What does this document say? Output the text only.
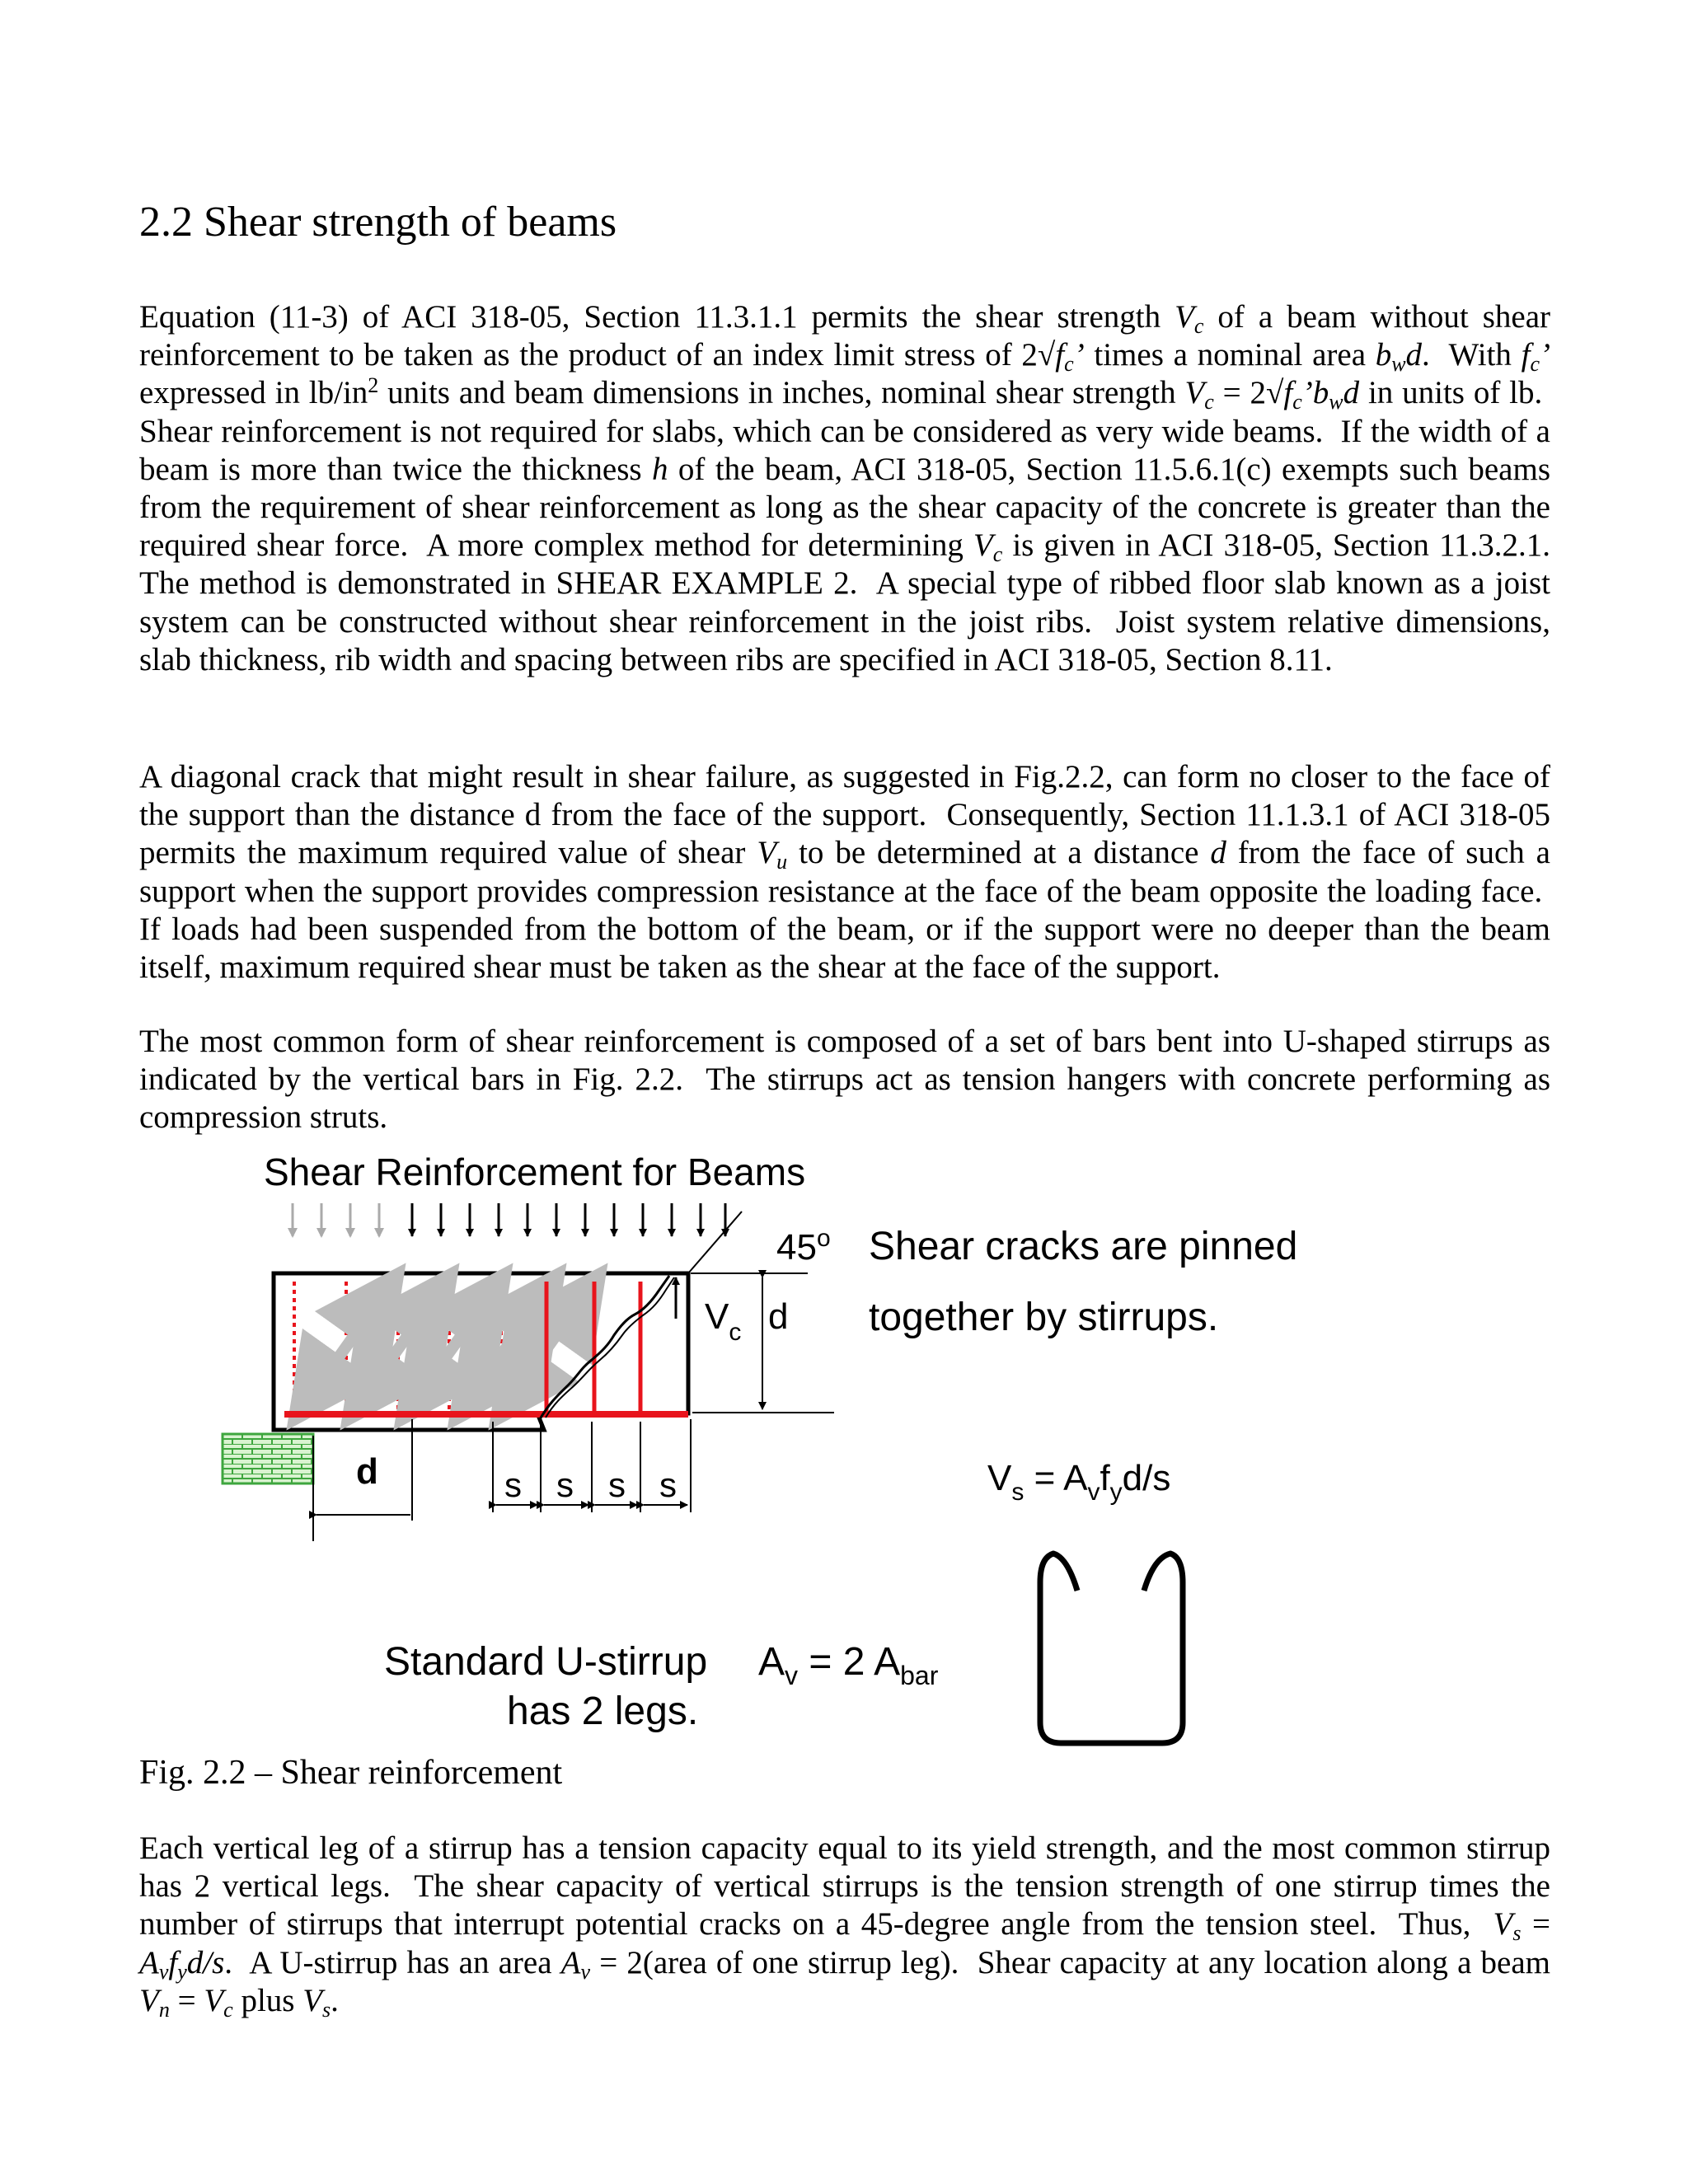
2.2 Shear strength of beams

Equation (11-3) of ACI 318-05, Section 11.3.1.1 permits the shear strength $V_c$ of a beam without shear reinforcement to be taken as the product of an index limit stress of $2√f_c$’ times a nominal area $b_wd$.  With $f_c$’ expressed in $lb/in^2$ units and beam dimensions in inches, nominal shear strength $V_c$ = $2√f_c’b_wd$ in units of lb.  Shear reinforcement is not required for slabs, which can be considered as very wide beams.  If the width of a beam is more than twice the thickness h of the beam, ACI 318-05, Section 11.5.6.1(c) exempts such beams from the requirement of shear reinforcement as long as the shear capacity of the concrete is greater than the required shear force.  A more complex method for determining $V_c$ is given in ACI 318-05, Section 11.3.2.1. The method is demonstrated in SHEAR EXAMPLE 2.  A special type of ribbed floor slab known as a joist system can be constructed without shear reinforcement in the joist ribs.  Joist system relative dimensions, slab thickness, rib width and spacing between ribs are specified in ACI 318-05, Section 8.11.

A diagonal crack that might result in shear failure, as suggested in Fig.2.2, can form no closer to the face of the support than the distance d from the face of the support.  Consequently, Section 11.1.3.1 of ACI 318-05 permits the maximum required value of shear $V_u$ to be determined at a distance d from the face of such a support when the support provides compression resistance at the face of the beam opposite the loading face.  If loads had been suspended from the bottom of the beam, or if the support were no deeper than the beam itself, maximum required shear must be taken as the shear at the face of the support.

The most common form of shear reinforcement is composed of a set of bars bent into U-shaped stirrups as indicated by the vertical bars in Fig. 2.2.  The stirrups act as tension hangers with concrete performing as compression struts.

Fig. 2.2 – Shear reinforcement

Each vertical leg of a stirrup has a tension capacity equal to its yield strength, and the most common stirrup has 2 vertical legs.  The shear capacity of vertical stirrups is the tension strength of one stirrup times the number of stirrups that interrupt potential cracks on a 45-degree angle from the tension steel.  Thus,  $V_s = A_vf_yd/s$.  A U-stirrup has an area $A_v$ = 2(area of one stirrup leg).  Shear capacity at any location along a beam $V_n = V_c$ plus $V_s$.

Shear Reinforcement for Beams
$V_c$ d
45$^o$ Shear cracks are pinned
together by stirrups.
d	s s s s	$V_s = A_vf_yd/s$
Standard U-stirrup
has 2 legs.
$A_v = 2$ $A_{bar}$
